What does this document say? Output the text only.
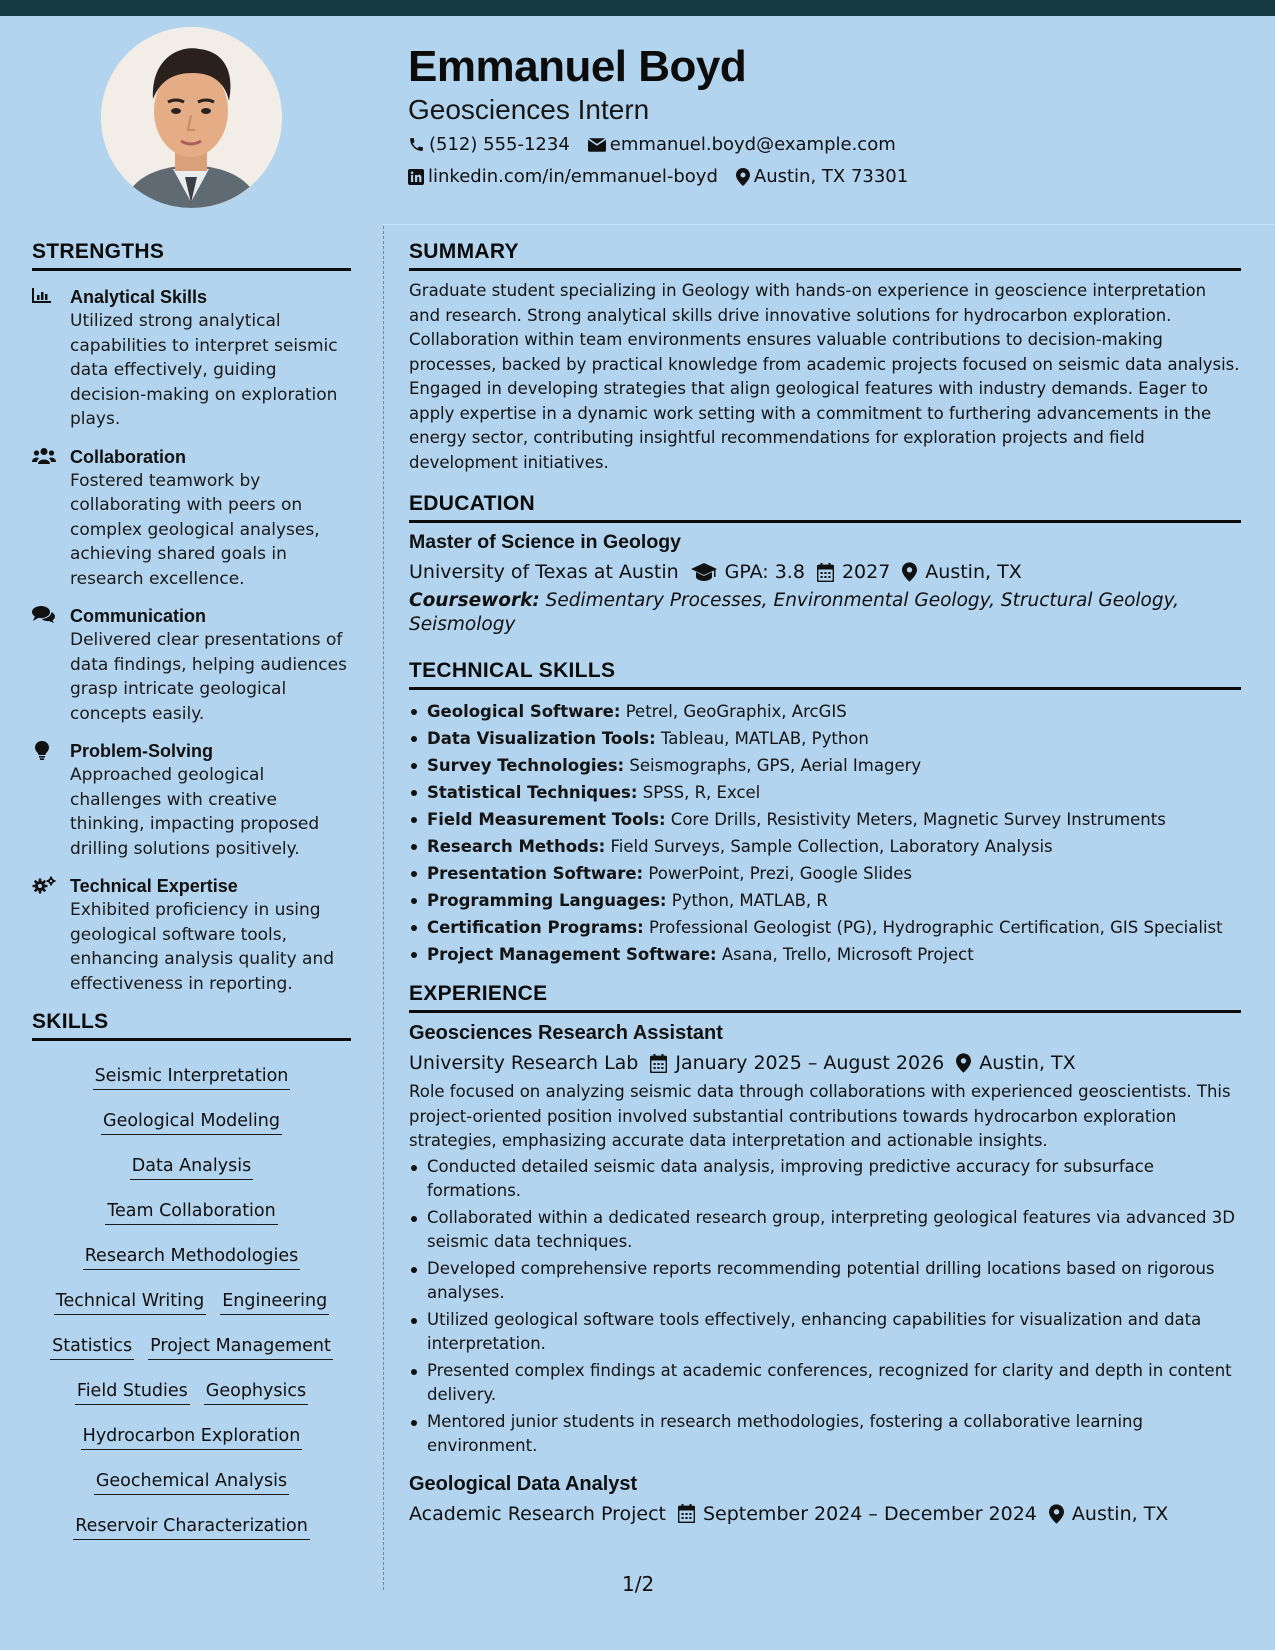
Emmanuel Boyd
Geosciences Intern
(512) 555-1234 emmanuel.boyd@example.com
linkedin.com/in/emmanuel-boyd Austin, TX 73301
STRENGTHS
Analytical Skills
Utilized strong analytical capabilities to interpret seismic data effectively, guiding decision-making on exploration plays.
Collaboration
Fostered teamwork by collaborating with peers on complex geological analyses, achieving shared goals in research excellence.
Communication
Delivered clear presentations of data findings, helping audiences grasp intricate geological concepts easily.
Problem-Solving
Approached geological challenges with creative thinking, impacting proposed drilling solutions positively.
Technical Expertise
Exhibited proficiency in using geological software tools, enhancing analysis quality and effectiveness in reporting.
SKILLS
Seismic Interpretation
Geological ModelingData Analysis
Team Collaboration
Research Methodologies
Technical Writing Engineering
Statistics Project Management
Field Studies Geophysics
Hydrocarbon Exploration
Geochemical Analysis
Reservoir Characterization
SUMMARY
Graduate student specializing in Geology with hands-on experience in geoscience interpretation and research. Strong analytical skills drive innovative solutions for hydrocarbon exploration. Collaboration within team environments ensures valuable contributions to decision-making processes, backed by practical knowledge from academic projects focused on seismic data analysis. Engaged in developing strategies that align geological features with industry demands. Eager to apply expertise in a dynamic work setting with a commitment to furthering advancements in the energy sector, contributing insightful recommendations for exploration projects and field development initiatives.
EDUCATION
Master of Science in Geology
University of Texas at Austin GPA: 3.8 2027 Austin, TX
Coursework: Sedimentary Processes, Environmental Geology, Structural Geology, Seismology
TECHNICAL SKILLS
Geological Software: Petrel, GeoGraphix, ArcGIS
Data Visualization Tools: Tableau, MATLAB, Python
Survey Technologies: Seismographs, GPS, Aerial Imagery
Statistical Techniques: SPSS, R, Excel
Field Measurement Tools: Core Drills, Resistivity Meters, Magnetic Survey Instruments
Research Methods: Field Surveys, Sample Collection, Laboratory Analysis
Presentation Software: PowerPoint, Prezi, Google Slides
Programming Languages: Python, MATLAB, R
Certification Programs: Professional Geologist (PG), Hydrographic Certification, GIS Specialist
Project Management Software: Asana, Trello, Microsoft Project
EXPERIENCE
Geosciences Research Assistant
University Research Lab January 2025 – August 2026 Austin, TX
Role focused on analyzing seismic data through collaborations with experienced geoscientists. This project-oriented position involved substantial contributions towards hydrocarbon exploration strategies, emphasizing accurate data interpretation and actionable insights.
Conducted detailed seismic data analysis, improving predictive accuracy for subsurface formations.
Collaborated within a dedicated research group, interpreting geological features via advanced 3D seismic data techniques.
Developed comprehensive reports recommending potential drilling locations based on rigorous analyses.
Utilized geological software tools effectively, enhancing capabilities for visualization and data interpretation.
Presented complex findings at academic conferences, recognized for clarity and depth in content delivery.
Mentored junior students in research methodologies, fostering a collaborative learning environment.
Geological Data Analyst
Academic Research Project September 2024 – December 2024 Austin, TX
1/2
